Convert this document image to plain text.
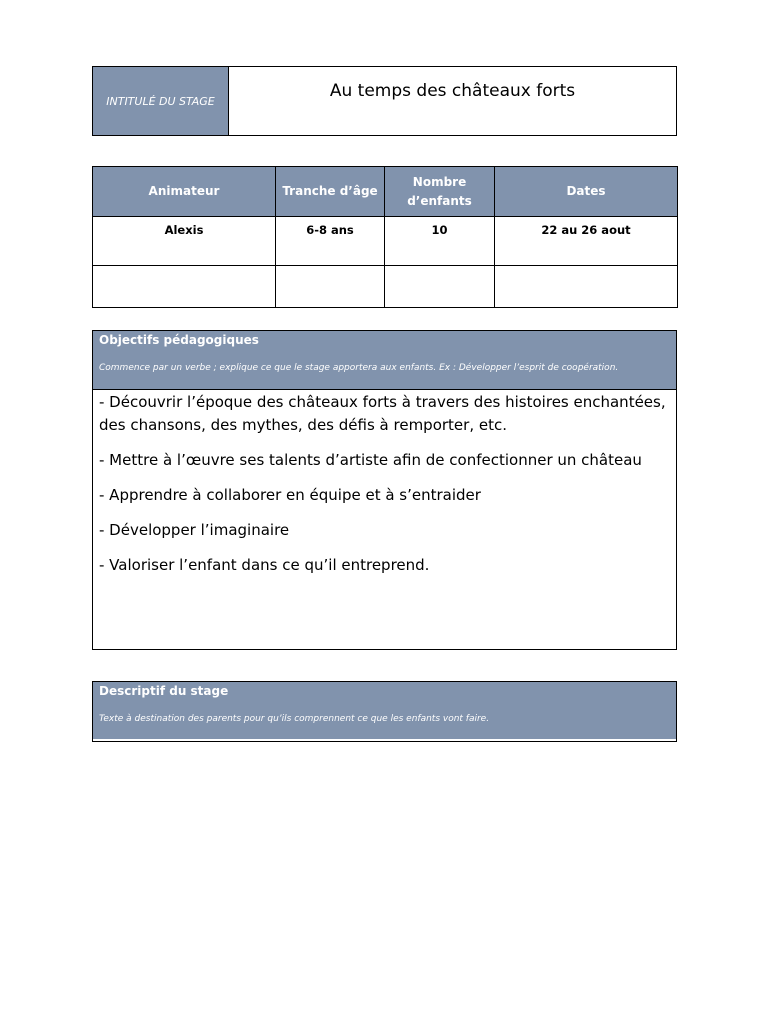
INTITULÉ DU STAGE	Au temps des châteaux forts
Animateur	Tranche d’âge	Nombre d’enfants	Dates
Alexis	6-8 ans	10	22 au 26 aout

Objectifs pédagogiques
Commence par un verbe ; explique ce que le stage apportera aux enfants. Ex : Développer l’esprit de coopération.

- Découvrir l’époque des châteaux forts à travers des histoires enchantées, des chansons, des mythes, des défis à remporter, etc.

- Mettre à l’œuvre ses talents d’artiste afin de confectionner un château

- Apprendre à collaborer en équipe et à s’entraider

- Développer l’imaginaire

- Valoriser l’enfant dans ce qu’il entreprend.

Descriptif du stage
Texte à destination des parents pour qu’ils comprennent ce que les enfants vont faire.
